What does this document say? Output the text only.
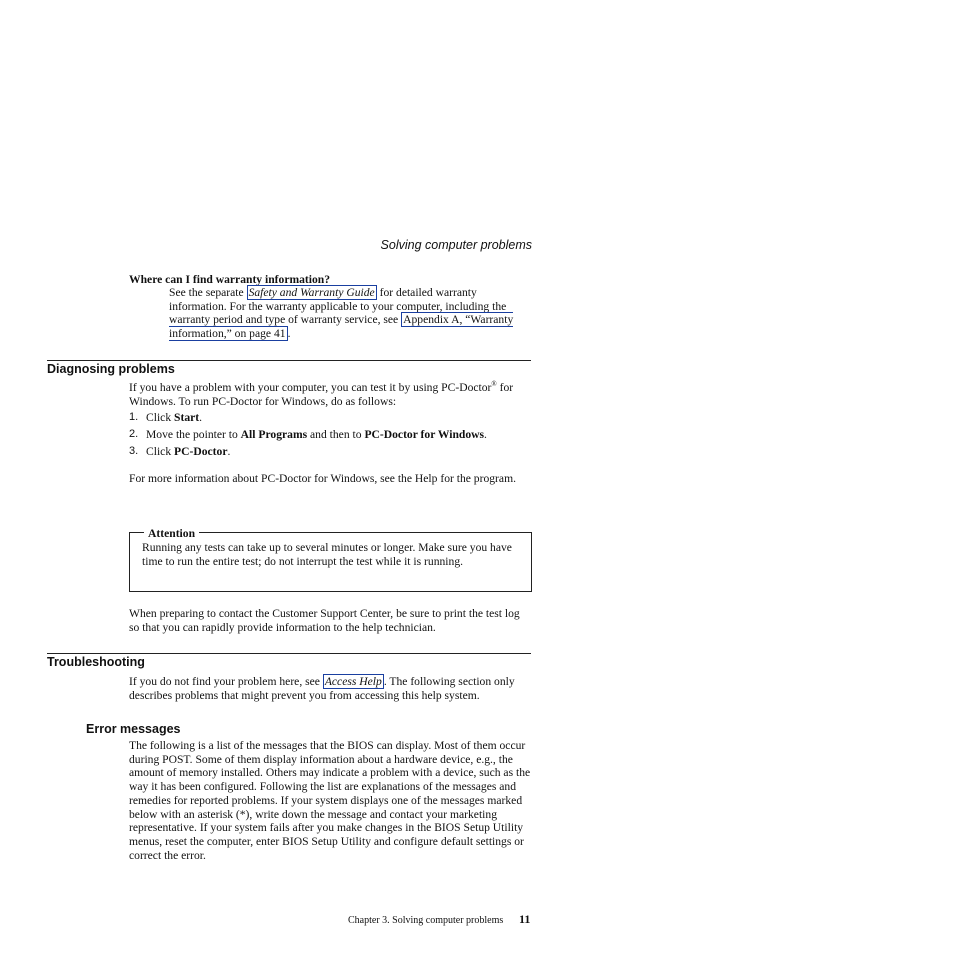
Solving computer problems
Where can I find warranty information?
See the separate Safety and Warranty Guide for detailed warranty information. For the warranty applicable to your computer, including the warranty period and type of warranty service, see Appendix A, “Warranty information,” on page 41 .
Diagnosing problems
If you have a problem with your computer, you can test it by using PC-Doctor® for Windows. To run PC-Doctor for Windows, do as follows:
1. Click Start.
2. Move the pointer to All Programs and then to PC-Doctor for Windows.
3. Click PC-Doctor.
For more information about PC-Doctor for Windows, see the Help for the program.
Attention
Running any tests can take up to several minutes or longer. Make sure you have time to run the entire test; do not interrupt the test while it is running.
When preparing to contact the Customer Support Center, be sure to print the test log so that you can rapidly provide information to the help technician.
Troubleshooting
If you do not find your problem here, see Access Help . The following section only describes problems that might prevent you from accessing this help system.
Error messages
The following is a list of the messages that the BIOS can display. Most of them occur during POST. Some of them display information about a hardware device, e.g., the amount of memory installed. Others may indicate a problem with a device, such as the way it has been configured. Following the list are explanations of the messages and remedies for reported problems. If your system displays one of the messages marked below with an asterisk (*), write down the message and contact your marketing representative. If your system fails after you make changes in the BIOS Setup Utility menus, reset the computer, enter BIOS Setup Utility and configure default settings or correct the error.
Chapter 3. Solving computer problems 11
